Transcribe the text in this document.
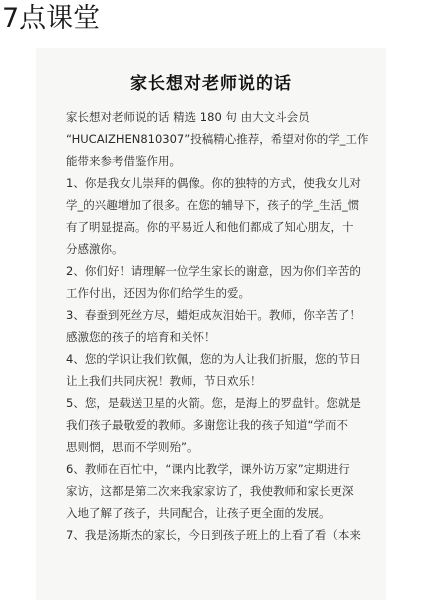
7点课堂
家长想对老师说的话
家长想对老师说的话 精选 180 句 由大文斗会员
“HUCAIZHEN810307”投稿精心推荐，希望对你的学_工作
能带来参考借鉴作用。
1、你是我女儿崇拜的偶像。你的独特的方式，使我女儿对
学_的兴趣增加了很多。在您的辅导下，孩子的学_生活_惯
有了明显提高。你的平易近人和他们都成了知心朋友，十
分感激你。
2、你们好！请理解一位学生家长的谢意，因为你们辛苦的
工作付出，还因为你们给学生的爱。
3、春蚕到死丝方尽，蜡炬成灰泪始干。教师，你辛苦了！
感激您的孩子的培育和关怀！
4、您的学识让我们钦佩，您的为人让我们折服，您的节日
让上我们共同庆祝！教师，节日欢乐！
5、您，是载送卫星的火箭。您，是海上的罗盘针。您就是
我们孩子最敬爱的教师。多谢您让我的孩子知道“学而不
思则惘，思而不学则殆”。
6、教师在百忙中，“课内比教学，课外访万家”定期进行
家访，这都是第二次来我家家访了，我使教师和家长更深
入地了解了孩子，共同配合，让孩子更全面的发展。
7、我是汤斯杰的家长，今日到孩子班上的上看了看（本来
